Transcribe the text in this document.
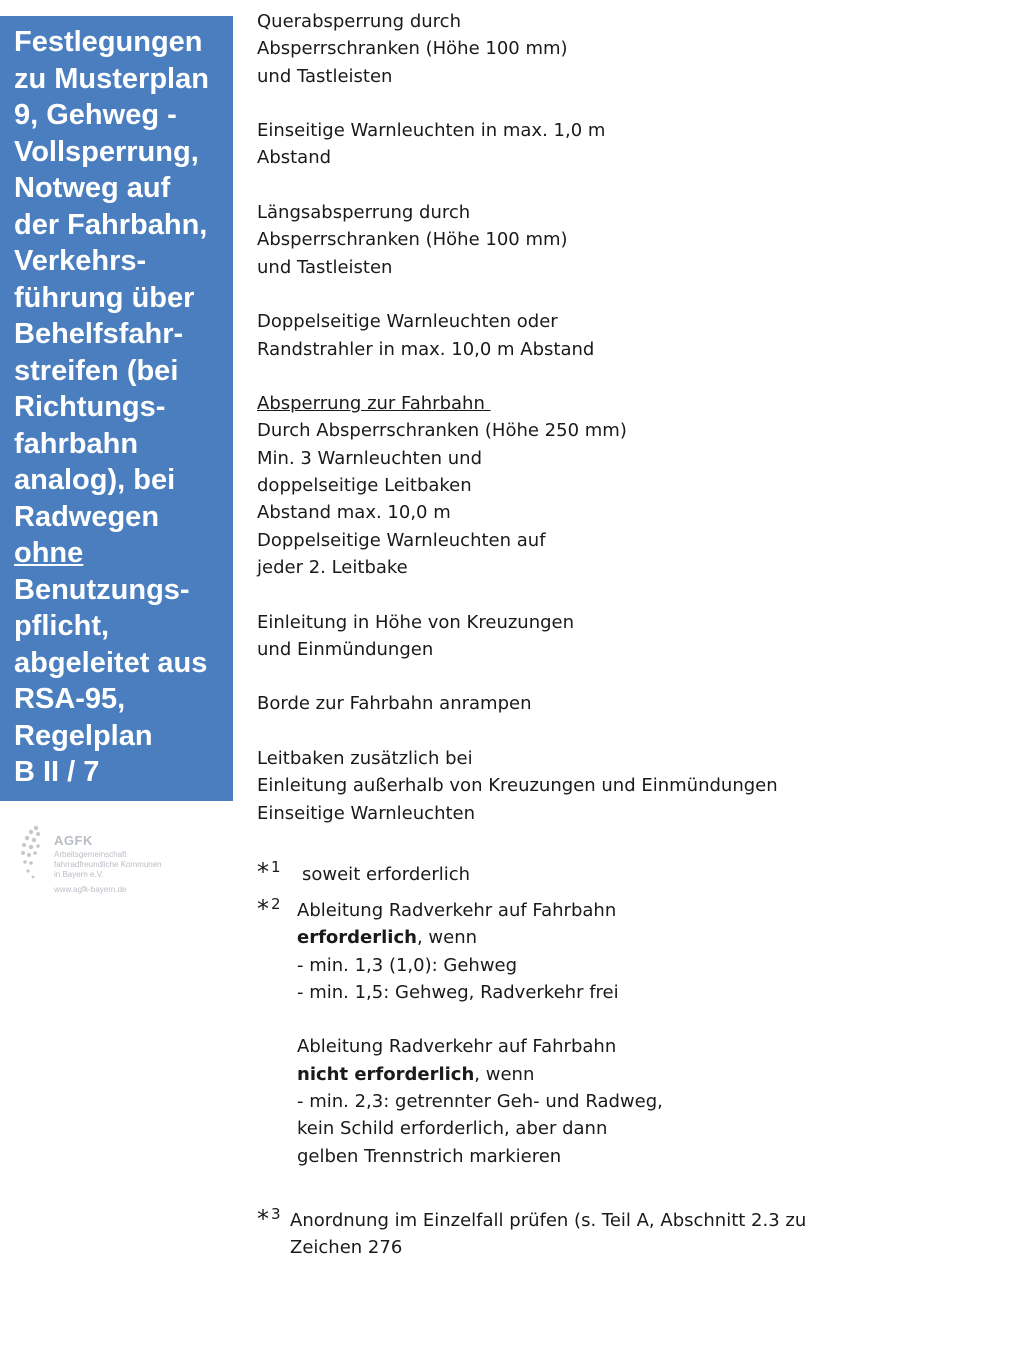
Festlegungen
zu Musterplan
9, Gehweg -
Vollsperrung,
Notweg auf
der Fahrbahn,
Verkehrs-
führung über
Behelfsfahr-
streifen (bei
Richtungs-
fahrbahn
analog), bei
Radwegen
ohne
Benutzungs-
pflicht,
abgeleitet aus
RSA-95,
Regelplan
B II / 7

AGFK
Arbeitsgemeinschaft
fahrradfreundliche Kommunen
in Bayern e.V.
www.agfk-bayern.de
Querabsperrung durch
Absperrschranken (Höhe 100 mm)
und Tastleisten
Einseitige Warnleuchten in max. 1,0 m
Abstand
Längsabsperrung durch
Absperrschranken (Höhe 100 mm)
und Tastleisten
Doppelseitige Warnleuchten oder
Randstrahler in max. 10,0 m Abstand
Absperrung zur Fahrbahn
Durch Absperrschranken (Höhe 250 mm)
Min. 3 Warnleuchten und
doppelseitige Leitbaken
Abstand max. 10,0 m
Doppelseitige Warnleuchten auf
jeder 2. Leitbake
Einleitung in Höhe von Kreuzungen
und Einmündungen
Borde zur Fahrbahn anrampen
Leitbaken zusätzlich bei
Einleitung außerhalb von Kreuzungen und Einmündungen
Einseitige Warnleuchten
* $^1$ soweit erforderlich
* $^2$ Ableitung Radverkehr auf Fahrbahn
erforderlich, wenn
- min. 1,3 (1,0): Gehweg
- min. 1,5: Gehweg, Radverkehr frei
Ableitung Radverkehr auf Fahrbahn
nicht erforderlich, wenn
- min. 2,3: getrennter Geh- und Radweg,
kein Schild erforderlich, aber dann
gelben Trennstrich markieren
* $^3$ Anordnung im Einzelfall prüfen (s. Teil A, Abschnitt 2.3 zu
Zeichen 276
